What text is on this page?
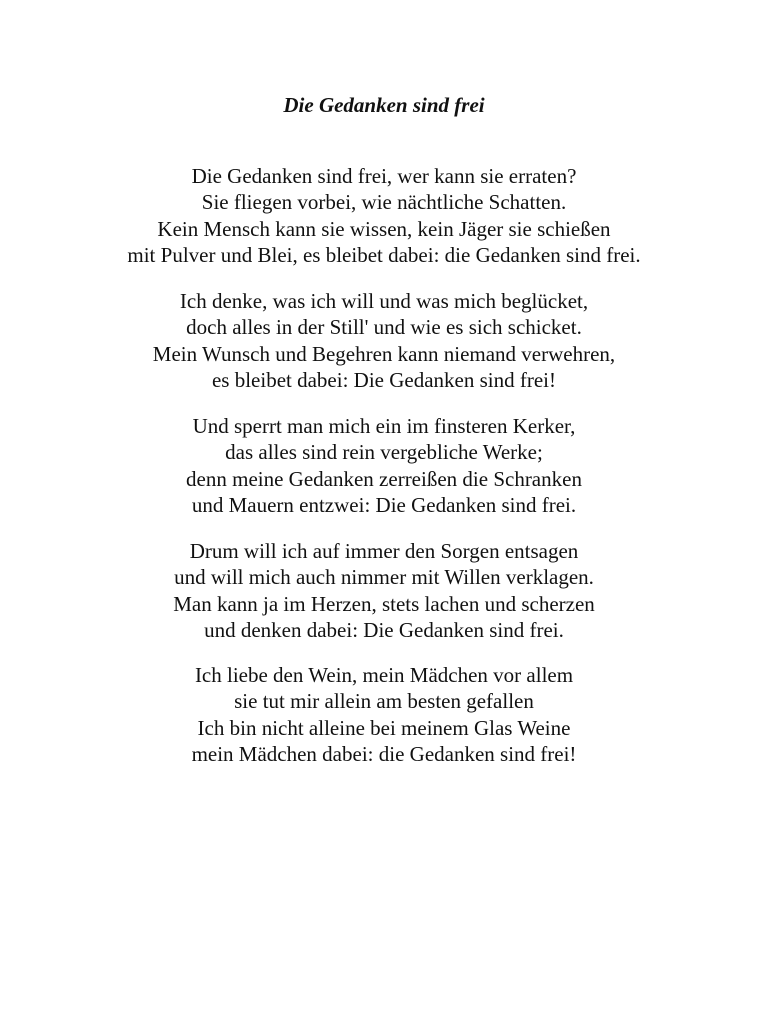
Die Gedanken sind frei
Die Gedanken sind frei, wer kann sie erraten?
Sie fliegen vorbei, wie nächtliche Schatten.
Kein Mensch kann sie wissen, kein Jäger sie schießen
mit Pulver und Blei, es bleibet dabei: die Gedanken sind frei.
Ich denke, was ich will und was mich beglücket,
doch alles in der Still' und wie es sich schicket.
Mein Wunsch und Begehren kann niemand verwehren,
es bleibet dabei: Die Gedanken sind frei!
Und sperrt man mich ein im finsteren Kerker,
das alles sind rein vergebliche Werke;
denn meine Gedanken zerreißen die Schranken
und Mauern entzwei: Die Gedanken sind frei.
Drum will ich auf immer den Sorgen entsagen
und will mich auch nimmer mit Willen verklagen.
Man kann ja im Herzen, stets lachen und scherzen
und denken dabei: Die Gedanken sind frei.
Ich liebe den Wein, mein Mädchen vor allem
sie tut mir allein am besten gefallen
Ich bin nicht alleine bei meinem Glas Weine
mein Mädchen dabei: die Gedanken sind frei!
